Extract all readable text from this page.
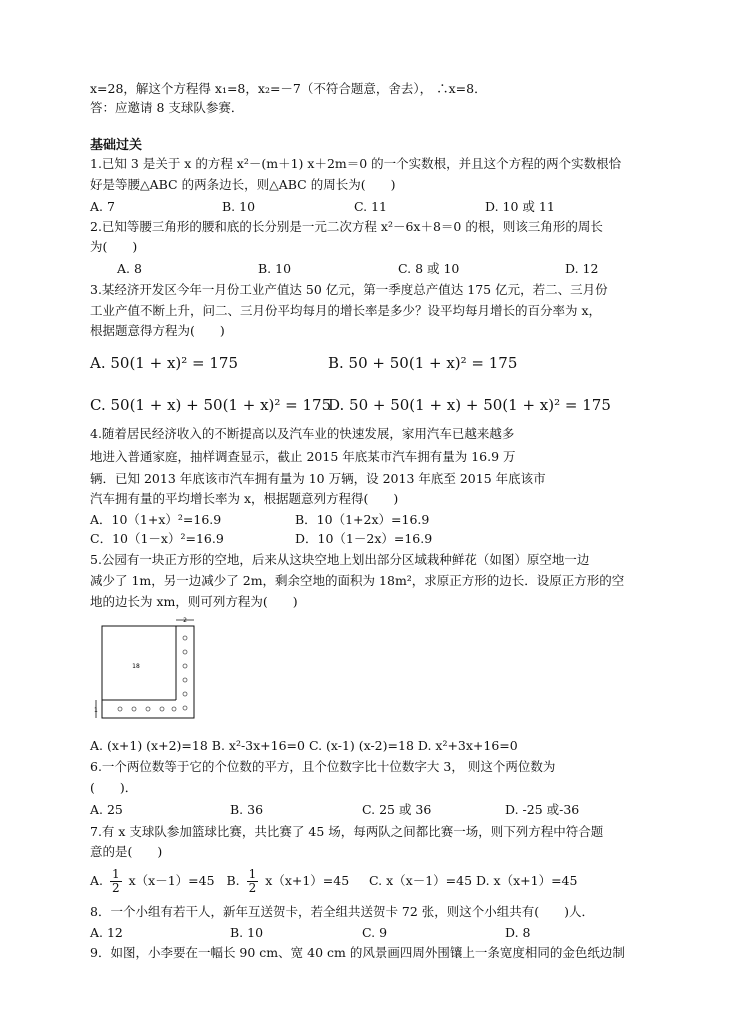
x=28，解这个方程得 x₁=8，x₂=－7（不符合题意，舍去）， ∴x=8．
答：应邀请 8 支球队参赛．
基础过关
1.已知 3 是关于 x 的方程 x²－(m＋1) x＋2m＝0 的一个实数根，并且这个方程的两个实数根恰
好是等腰△ABC 的两条边长，则△ABC 的周长为(　　)
A. 7	B. 10	C. 11	D. 10 或 11
2.已知等腰三角形的腰和底的长分别是一元二次方程 x²－6x＋8＝0 的根，则该三角形的周长
为(　　)
A. 8	B. 10	C. 8 或 10	D. 12
3.某经济开发区今年一月份工业产值达 50 亿元，第一季度总产值达 175 亿元，若二、三月份
工业产值不断上升，问二、三月份平均每月的增长率是多少？设平均每月增长的百分率为 x，
根据题意得方程为(　　)
A. 50(1 + x)² = 175	B. 50 + 50(1 + x)² = 175
C. 50(1 + x) + 50(1 + x)² = 175
D. 50 + 50(1 + x) + 50(1 + x)² = 175
4.随着居民经济收入的不断提高以及汽车业的快速发展，家用汽车已越来越多
地进入普通家庭，抽样调查显示，截止 2015 年底某市汽车拥有量为 16.9 万
辆．已知 2013 年底该市汽车拥有量为 10 万辆，设 2013 年底至 2015 年底该市
汽车拥有量的平均增长率为 x，根据题意列方程得(　　)
A．10（1+x）²=16.9	B．10（1+2x）=16.9
C．10（1－x）²=16.9	D．10（1－2x）=16.9
5.公园有一块正方形的空地，后来从这块空地上划出部分区域栽种鲜花（如图）原空地一边
减少了 1m，另一边减少了 2m，剩余空地的面积为 18m²，求原正方形的边长．设原正方形的空
地的边长为 xm，则可列方程为(　　)
2
1
18
A. (x+1) (x+2)=18 B. x²-3x+16=0 C. (x-1) (x-2)=18 D. x²+3x+16=0
6.一个两位数等于它的个位数的平方，且个位数字比十位数字大 3， 则这个两位数为
(　　)．
A. 25	B. 36	C. 25 或 36	D. -25 或-36
7.有 x 支球队参加篮球比赛，共比赛了 45 场，每两队之间都比赛一场，则下列方程中符合题
意的是(　　)
A. $\frac{1}{2} x(x-1)=45$ B. $\frac{1}{2} x(x+1)=45$ C. x（x－1）=45 D. x（x+1）=45
8．一个小组有若干人，新年互送贺卡，若全组共送贺卡 72 张，则这个小组共有(　　)人．
A. 12	B. 10	C. 9	D. 8
9．如图，小李要在一幅长 90 cm、宽 40 cm 的风景画四周外围镶上一条宽度相同的金色纸边制
